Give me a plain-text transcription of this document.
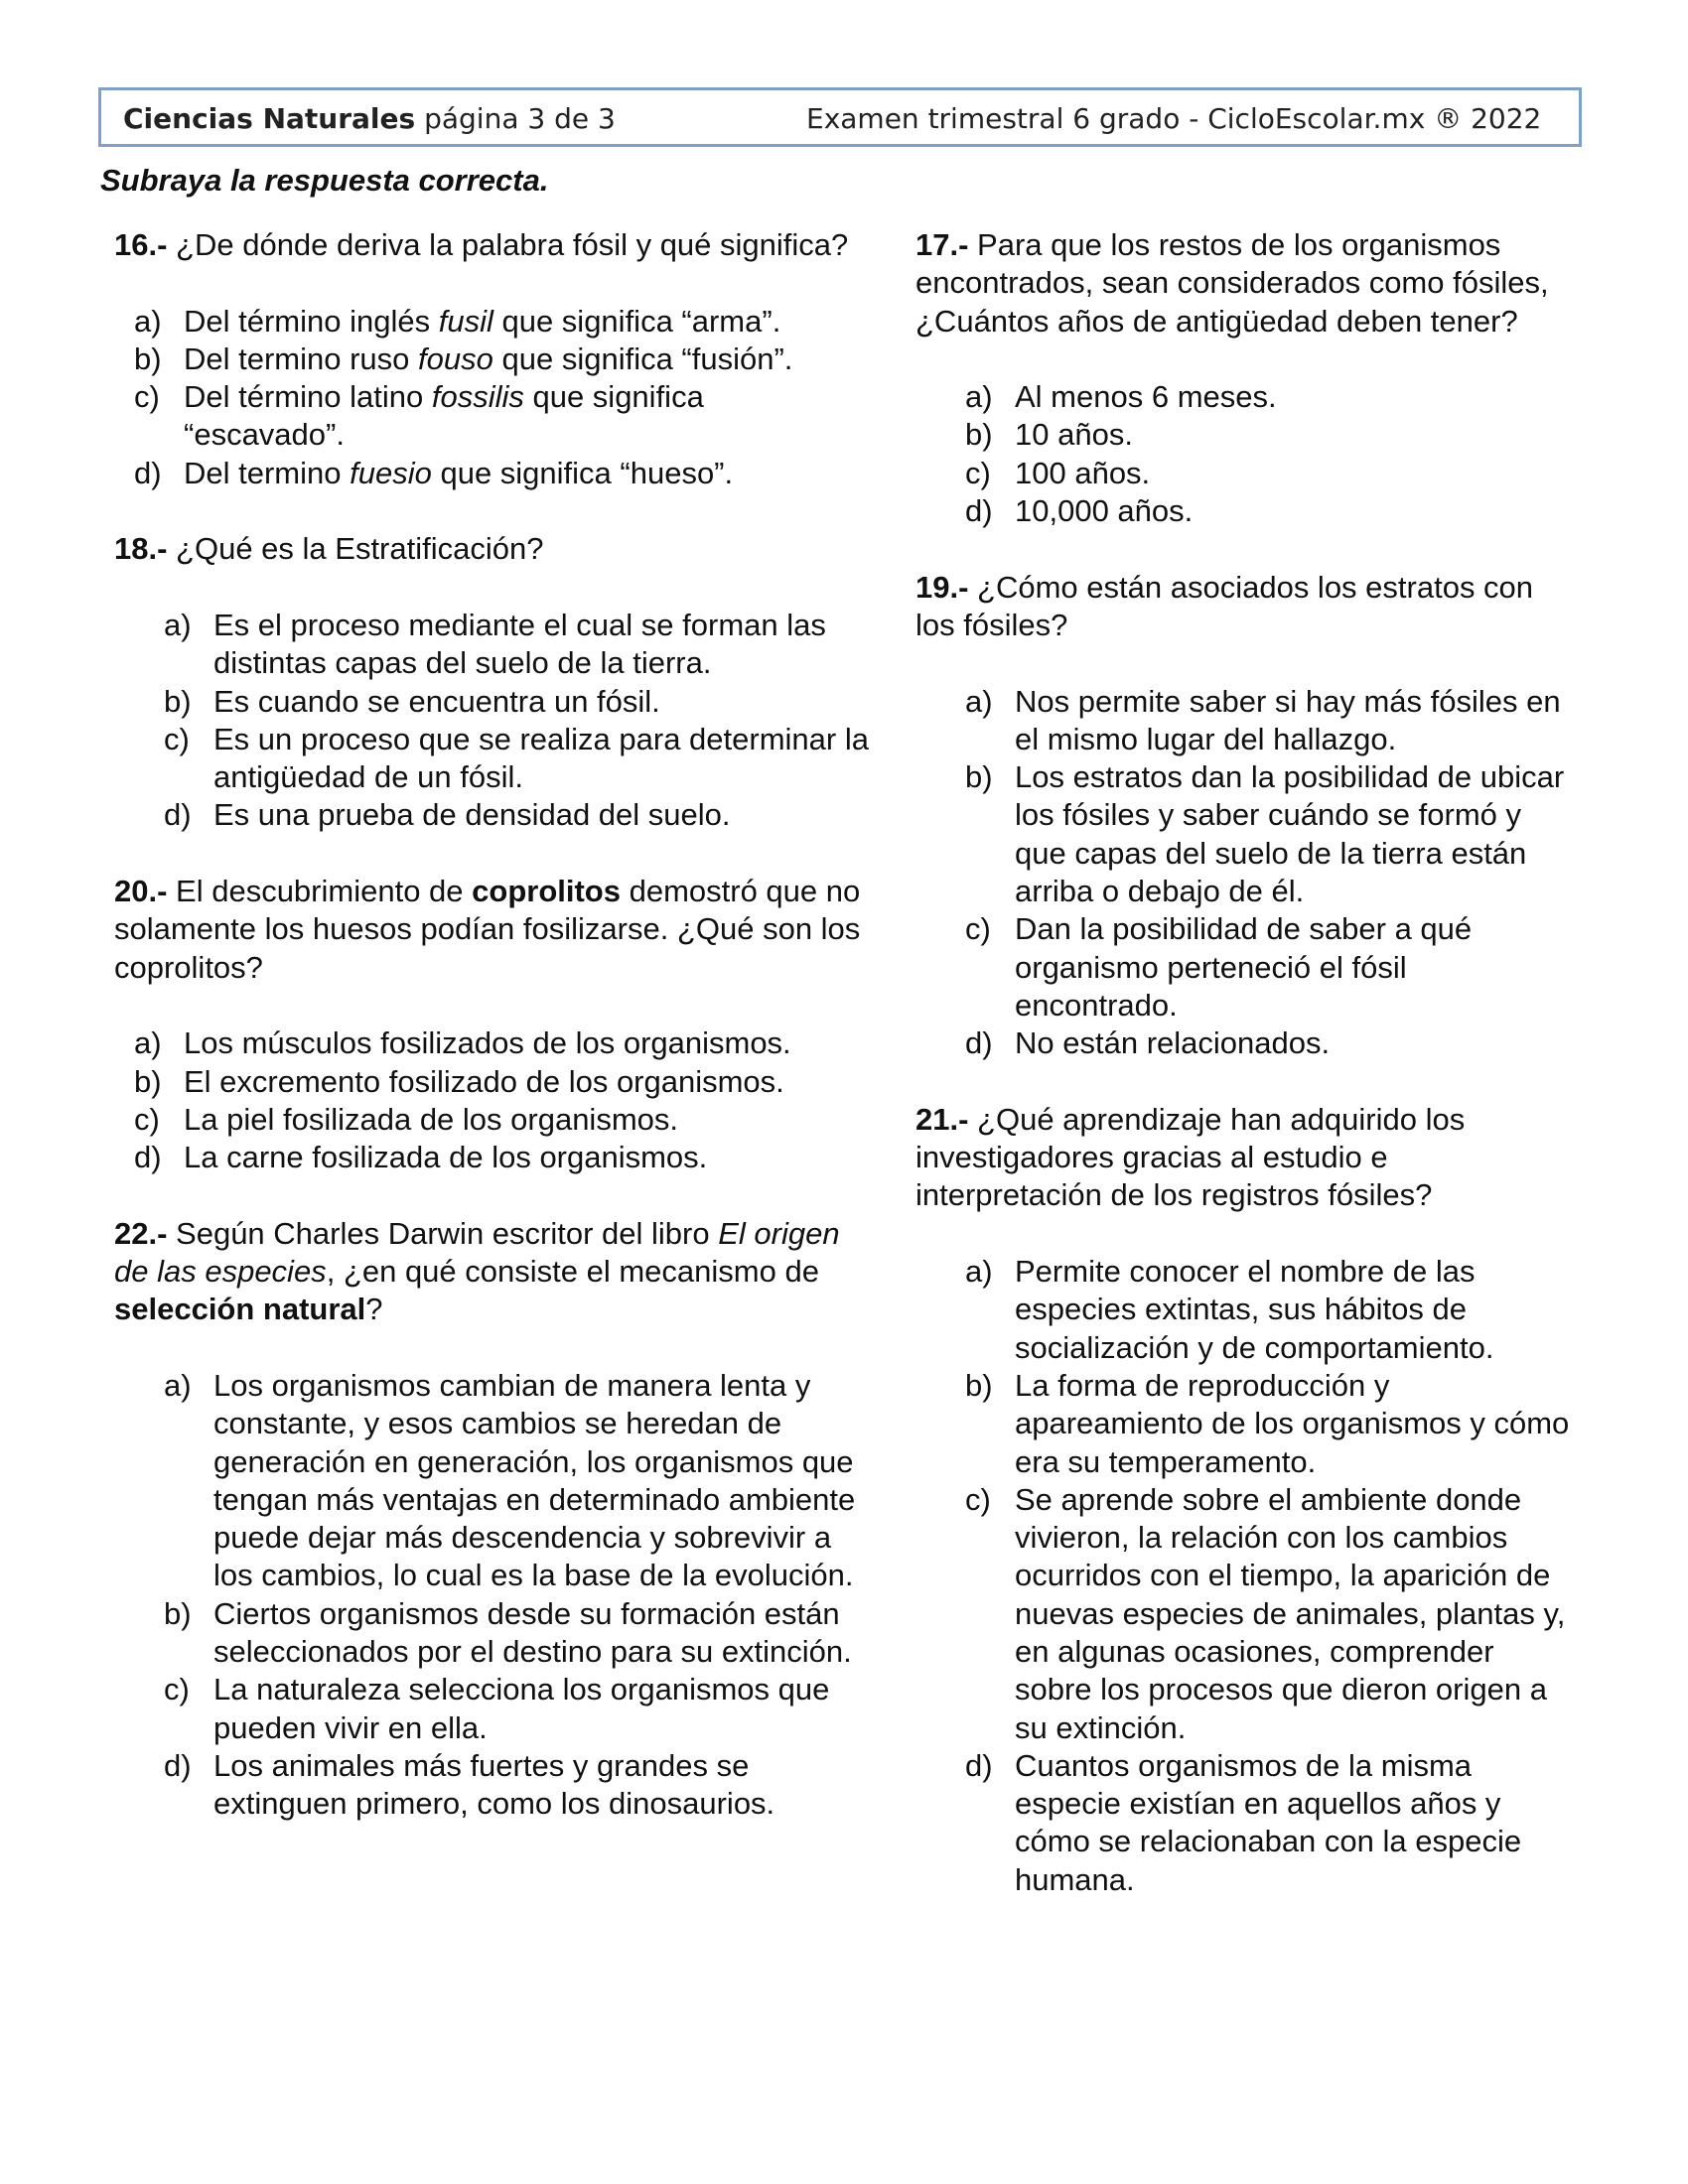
Ciencias Naturales página 3 de 3	Examen trimestral 6 grado - CicloEscolar.mx ® 2022
Subraya la respuesta correcta.

16.- ¿De dónde deriva la palabra fósil y qué significa?

a) Del término inglés fusil que significa “arma”.
b) Del termino ruso fouso que significa “fusión”.
c) Del término latino fossilis que significa “escavado”.
d) Del termino fuesio que significa “hueso”.

18.- ¿Qué es la Estratificación?

a) Es el proceso mediante el cual se forman las distintas capas del suelo de la tierra.
b) Es cuando se encuentra un fósil.
c) Es un proceso que se realiza para determinar la antigüedad de un fósil.
d) Es una prueba de densidad del suelo.

20.- El descubrimiento de coprolitos demostró que no solamente los huesos podían fosilizarse. ¿Qué son los coprolitos?

a) Los músculos fosilizados de los organismos.
b) El excremento fosilizado de los organismos.
c) La piel fosilizada de los organismos.
d) La carne fosilizada de los organismos.

22.- Según Charles Darwin escritor del libro El origen de las especies, ¿en qué consiste el mecanismo de selección natural?

a) Los organismos cambian de manera lenta y constante, y esos cambios se heredan de generación en generación, los organismos que tengan más ventajas en determinado ambiente puede dejar más descendencia y sobrevivir a los cambios, lo cual es la base de la evolución.
b) Ciertos organismos desde su formación están seleccionados por el destino para su extinción.
c) La naturaleza selecciona los organismos que pueden vivir en ella.
d) Los animales más fuertes y grandes se extinguen primero, como los dinosaurios.

17.- Para que los restos de los organismos encontrados, sean considerados como fósiles, ¿Cuántos años de antigüedad deben tener?

a) Al menos 6 meses.
b) 10 años.
c) 100 años.
d) 10,000 años.

19.- ¿Cómo están asociados los estratos con los fósiles?

a) Nos permite saber si hay más fósiles en el mismo lugar del hallazgo.
b) Los estratos dan la posibilidad de ubicar los fósiles y saber cuándo se formó y que capas del suelo de la tierra están arriba o debajo de él.
c) Dan la posibilidad de saber a qué organismo perteneció el fósil encontrado.
d) No están relacionados.

21.- ¿Qué aprendizaje han adquirido los investigadores gracias al estudio e interpretación de los registros fósiles?

a) Permite conocer el nombre de las especies extintas, sus hábitos de socialización y de comportamiento.
b) La forma de reproducción y apareamiento de los organismos y cómo era su temperamento.
c) Se aprende sobre el ambiente donde vivieron, la relación con los cambios ocurridos con el tiempo, la aparición de nuevas especies de animales, plantas y, en algunas ocasiones, comprender sobre los procesos que dieron origen a su extinción.
d) Cuantos organismos de la misma especie existían en aquellos años y cómo se relacionaban con la especie humana.
